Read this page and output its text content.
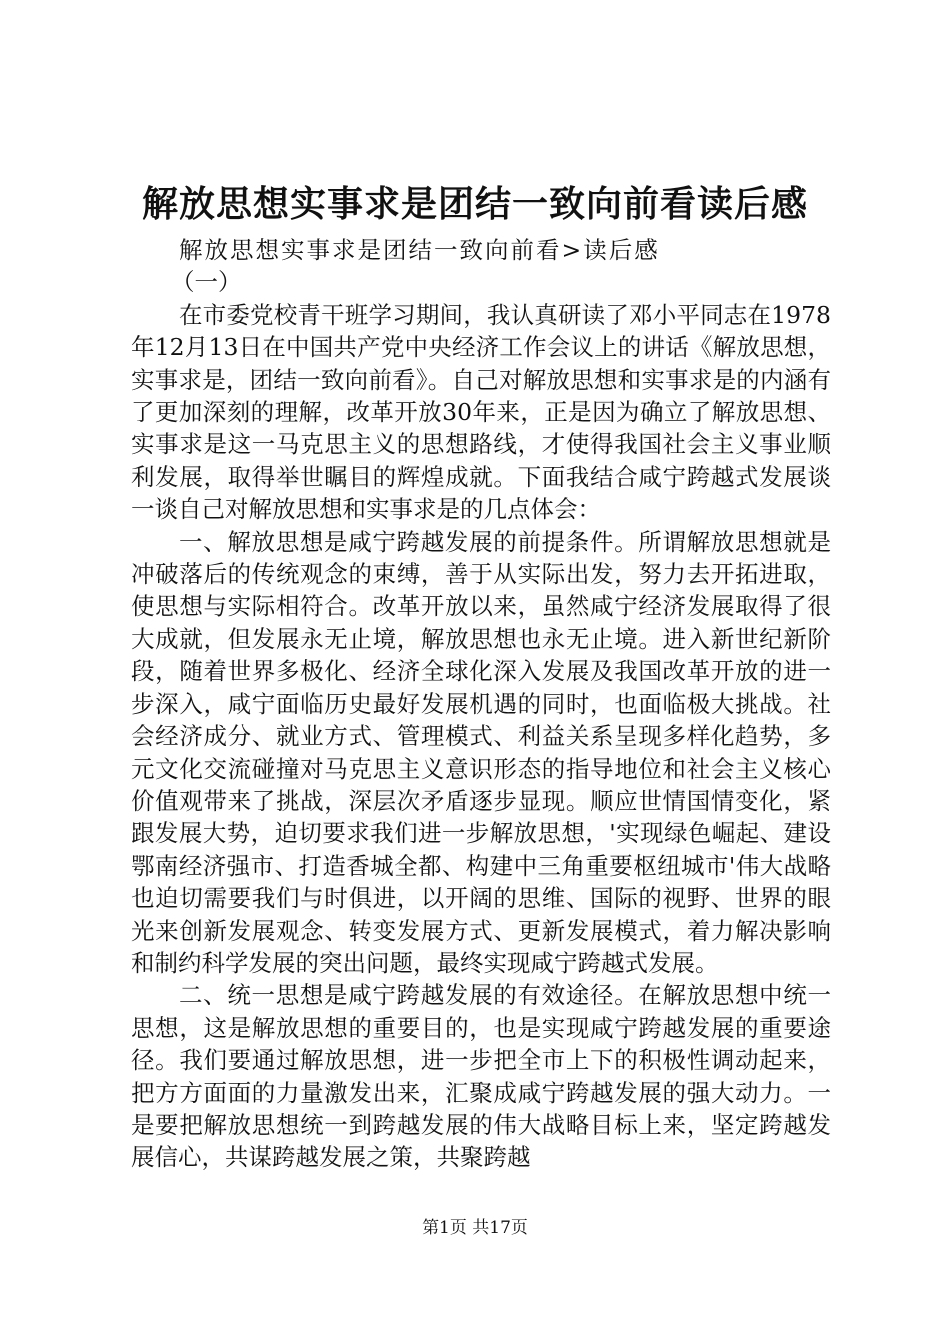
解放思想实事求是团结一致向前看读后感

解放思想实事求是团结一致向前看>读后感

（一）

在市委党校青干班学习期间，我认真研读了邓小平同志在1978年12月13日在中国共产党中央经济工作会议上的讲话《解放思想，实事求是，团结一致向前看》。自己对解放思想和实事求是的内涵有了更加深刻的理解，改革开放30年来，正是因为确立了解放思想、实事求是这一马克思主义的思想路线，才使得我国社会主义事业顺利发展，取得举世瞩目的辉煌成就。下面我结合咸宁跨越式发展谈一谈自己对解放思想和实事求是的几点体会：

一、解放思想是咸宁跨越发展的前提条件。所谓解放思想就是冲破落后的传统观念的束缚，善于从实际出发，努力去开拓进取，使思想与实际相符合。改革开放以来，虽然咸宁经济发展取得了很大成就，但发展永无止境，解放思想也永无止境。进入新世纪新阶段，随着世界多极化、经济全球化深入发展及我国改革开放的进一步深入，咸宁面临历史最好发展机遇的同时，也面临极大挑战。社会经济成分、就业方式、管理模式、利益关系呈现多样化趋势，多元文化交流碰撞对马克思主义意识形态的指导地位和社会主义核心价值观带来了挑战，深层次矛盾逐步显现。顺应世情国情变化，紧跟发展大势，迫切要求我们进一步解放思想，'实现绿色崛起、建设鄂南经济强市、打造香城全都、构建中三角重要枢纽城市'伟大战略也迫切需要我们与时俱进，以开阔的思维、国际的视野、世界的眼光来创新发展观念、转变发展方式、更新发展模式，着力解决影响和制约科学发展的突出问题，最终实现咸宁跨越式发展。

二、统一思想是咸宁跨越发展的有效途径。在解放思想中统一思想，这是解放思想的重要目的，也是实现咸宁跨越发展的重要途径。我们要通过解放思想，进一步把全市上下的积极性调动起来，把方方面面的力量激发出来，汇聚成咸宁跨越发展的强大动力。一是要把解放思想统一到跨越发展的伟大战略目标上来，坚定跨越发展信心，共谋跨越发展之策，共聚跨越

第1页 共17页
